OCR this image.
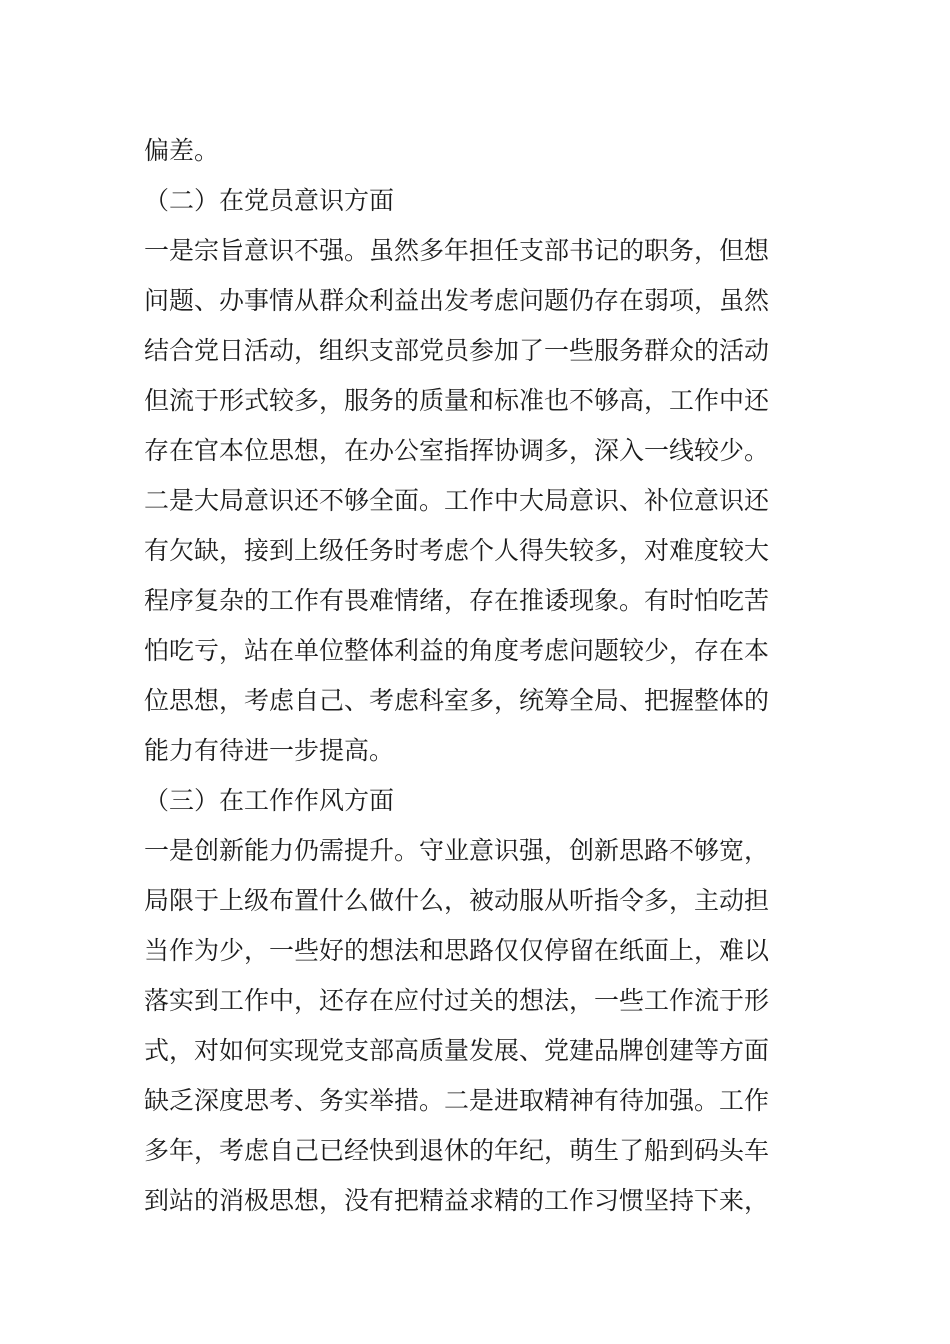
偏差。
（二）在党员意识方面
一是宗旨意识不强。虽然多年担任支部书记的职务，但想
问题、办事情从群众利益出发考虑问题仍存在弱项，虽然
结合党日活动，组织支部党员参加了一些服务群众的活动
但流于形式较多，服务的质量和标准也不够高，工作中还
存在官本位思想，在办公室指挥协调多，深入一线较少。
二是大局意识还不够全面。工作中大局意识、补位意识还
有欠缺，接到上级任务时考虑个人得失较多，对难度较大
程序复杂的工作有畏难情绪，存在推诿现象。有时怕吃苦
怕吃亏，站在单位整体利益的角度考虑问题较少，存在本
位思想，考虑自己、考虑科室多，统筹全局、把握整体的
能力有待进一步提高。
（三）在工作作风方面
一是创新能力仍需提升。守业意识强，创新思路不够宽，
局限于上级布置什么做什么，被动服从听指令多，主动担
当作为少，一些好的想法和思路仅仅停留在纸面上，难以
落实到工作中，还存在应付过关的想法，一些工作流于形
式，对如何实现党支部高质量发展、党建品牌创建等方面
缺乏深度思考、务实举措。二是进取精神有待加强。工作
多年，考虑自己已经快到退休的年纪，萌生了船到码头车
到站的消极思想，没有把精益求精的工作习惯坚持下来，
